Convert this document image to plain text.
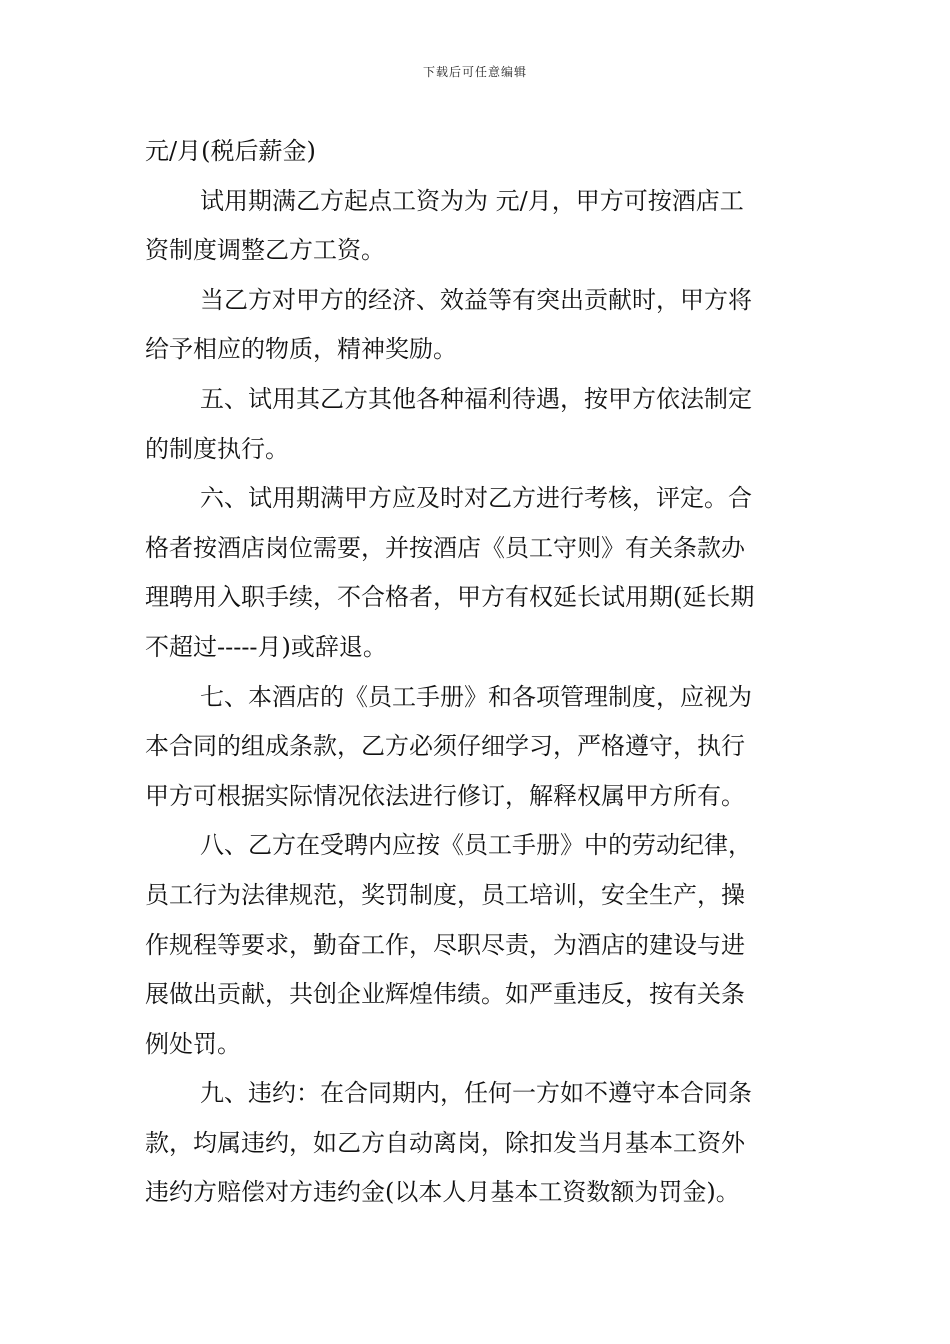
下载后可任意编辑
元/月(税后薪金)
试用期满乙方起点工资为为 元/月，甲方可按酒店工
资制度调整乙方工资。
当乙方对甲方的经济、效益等有突出贡献时，甲方将
给予相应的物质，精神奖励。
五、试用其乙方其他各种福利待遇，按甲方依法制定
的制度执行。
六、试用期满甲方应及时对乙方进行考核，评定。合
格者按酒店岗位需要，并按酒店《员工守则》有关条款办
理聘用入职手续，不合格者，甲方有权延长试用期(延长期
不超过-----月)或辞退。
七、本酒店的《员工手册》和各项管理制度，应视为
本合同的组成条款，乙方必须仔细学习，严格遵守，执行
甲方可根据实际情况依法进行修订，解释权属甲方所有。
八、乙方在受聘内应按《员工手册》中的劳动纪律，
员工行为法律规范，奖罚制度，员工培训，安全生产，操
作规程等要求，勤奋工作，尽职尽责，为酒店的建设与进
展做出贡献，共创企业辉煌伟绩。如严重违反，按有关条
例处罚。
九、违约：在合同期内，任何一方如不遵守本合同条
款，均属违约，如乙方自动离岗，除扣发当月基本工资外
违约方赔偿对方违约金(以本人月基本工资数额为罚金)。
